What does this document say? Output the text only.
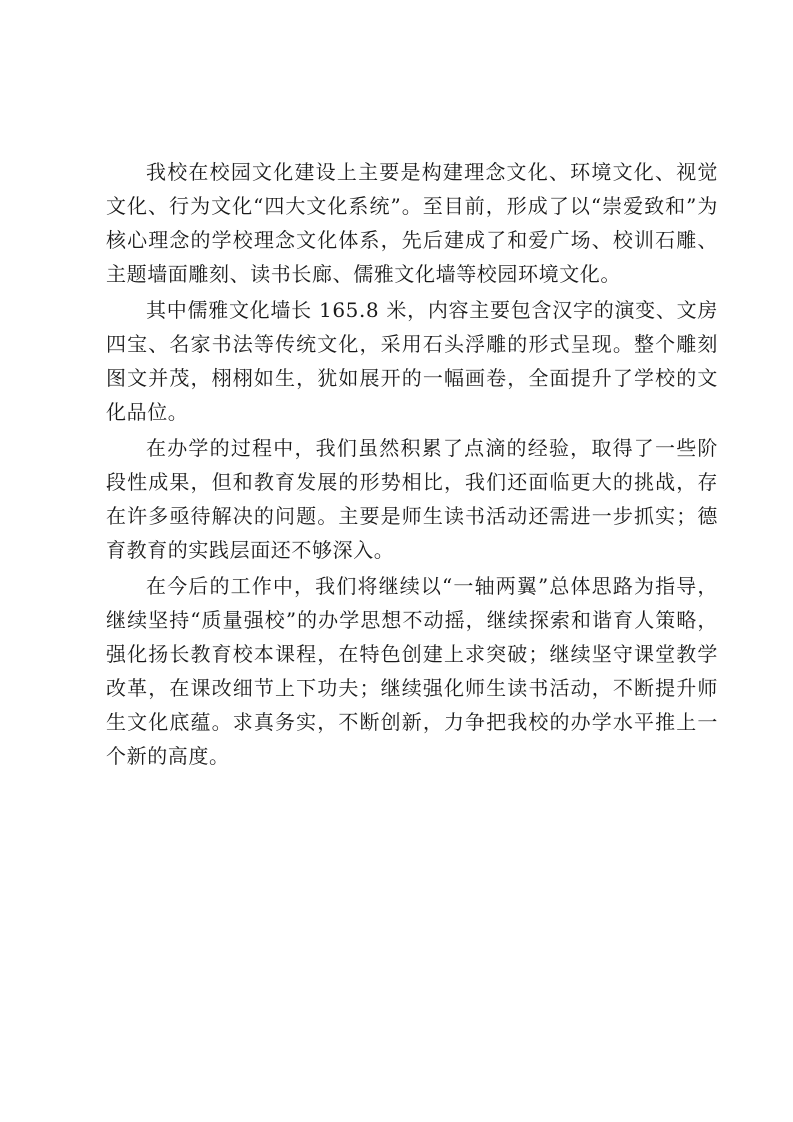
我校在校园文化建设上主要是构建理念文化、环境文化、视觉文化、行为文化“四大文化系统”。至目前，形成了以“崇爱致和”为核心理念的学校理念文化体系，先后建成了和爱广场、校训石雕、主题墙面雕刻、读书长廊、儒雅文化墙等校园环境文化。

其中儒雅文化墙长 165.8 米，内容主要包含汉字的演变、文房四宝、名家书法等传统文化，采用石头浮雕的形式呈现。整个雕刻图文并茂，栩栩如生，犹如展开的一幅画卷，全面提升了学校的文化品位。

在办学的过程中，我们虽然积累了点滴的经验，取得了一些阶段性成果，但和教育发展的形势相比，我们还面临更大的挑战，存在许多亟待解决的问题。主要是师生读书活动还需进一步抓实；德育教育的实践层面还不够深入。

在今后的工作中，我们将继续以“一轴两翼”总体思路为指导，继续坚持“质量强校”的办学思想不动摇，继续探索和谐育人策略，强化扬长教育校本课程，在特色创建上求突破；继续坚守课堂教学改革，在课改细节上下功夫；继续强化师生读书活动，不断提升师生文化底蕴。求真务实，不断创新，力争把我校的办学水平推上一个新的高度。
